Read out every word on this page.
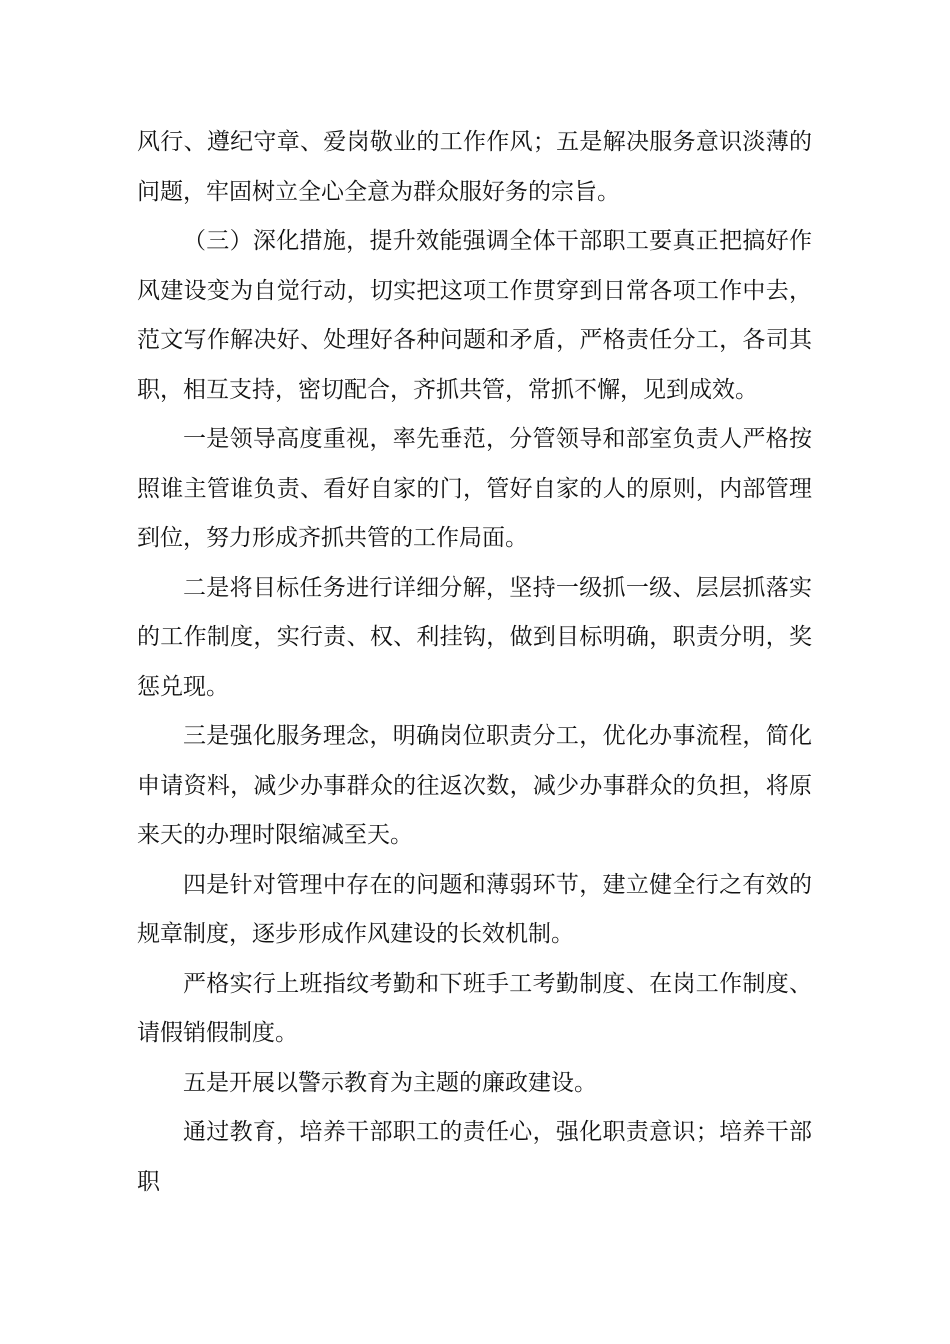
风行、遵纪守章、爱岗敬业的工作作风；五是解决服务意识淡薄的问题，牢固树立全心全意为群众服好务的宗旨。

（三）深化措施，提升效能强调全体干部职工要真正把搞好作风建设变为自觉行动，切实把这项工作贯穿到日常各项工作中去，范文写作解决好、处理好各种问题和矛盾，严格责任分工，各司其职，相互支持，密切配合，齐抓共管，常抓不懈，见到成效。

一是领导高度重视，率先垂范，分管领导和部室负责人严格按照谁主管谁负责、看好自家的门，管好自家的人的原则，内部管理到位，努力形成齐抓共管的工作局面。

二是将目标任务进行详细分解，坚持一级抓一级、层层抓落实的工作制度，实行责、权、利挂钩，做到目标明确，职责分明，奖惩兑现。

三是强化服务理念，明确岗位职责分工，优化办事流程，简化申请资料，减少办事群众的往返次数，减少办事群众的负担，将原来天的办理时限缩减至天。

四是针对管理中存在的问题和薄弱环节，建立健全行之有效的规章制度，逐步形成作风建设的长效机制。

严格实行上班指纹考勤和下班手工考勤制度、在岗工作制度、请假销假制度。

五是开展以警示教育为主题的廉政建设。

通过教育，培养干部职工的责任心，强化职责意识；培养干部职
